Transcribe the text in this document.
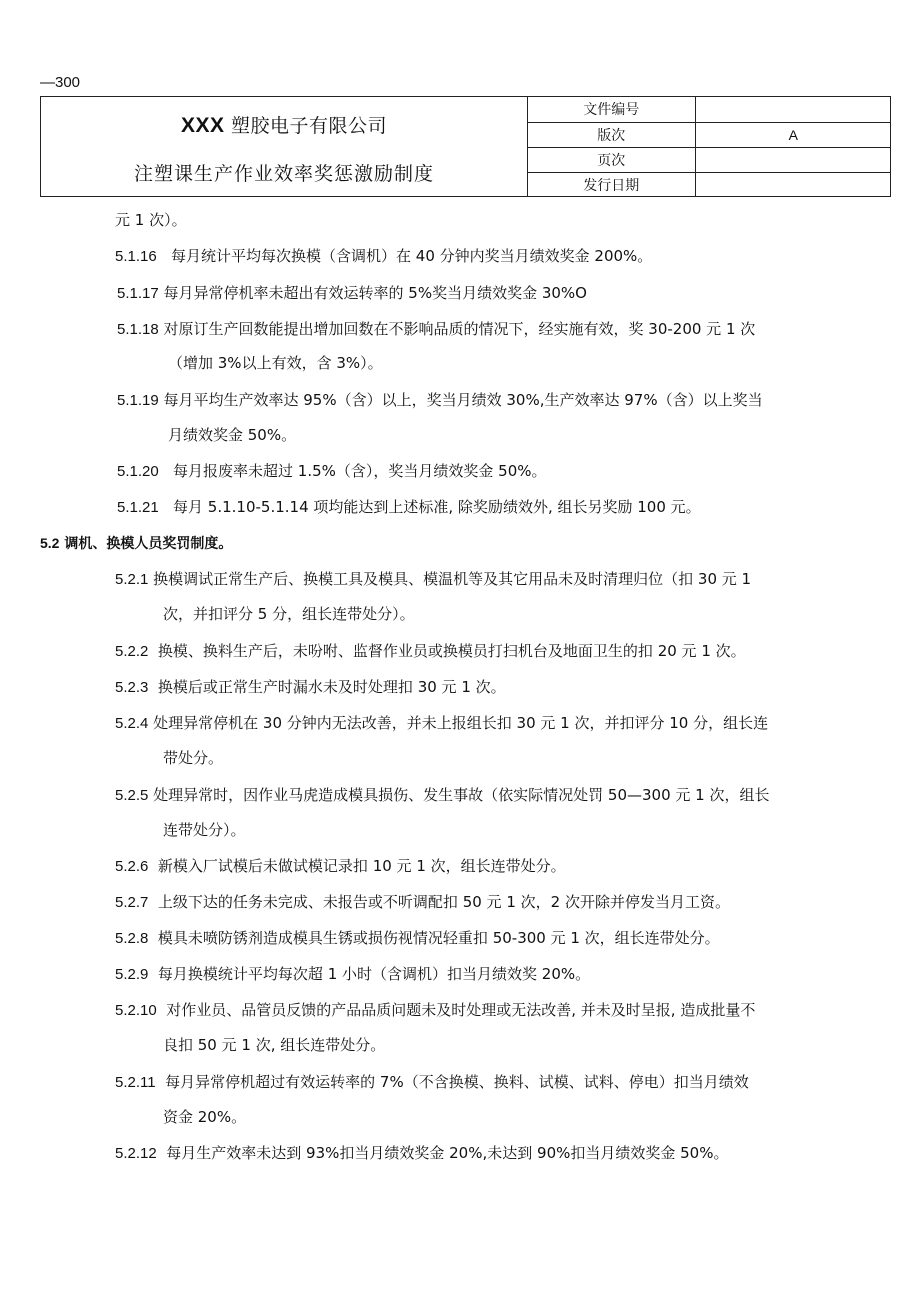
—300
XXX 塑胶电子有限公司
注塑课生产作业效率奖惩激励制度
文件编号	
版次	A
页次	
发行日期	
元 1 次）。
5.1.16 每月统计平均每次换模（含调机）在 40 分钟内奖当月绩效奖金 200%。
5.1.17 每月异常停机率未超出有效运转率的 5%奖当月绩效奖金 30%O
5.1.18 对原订生产回数能提出增加回数在不影响品质的情况下，经实施有效，奖 30-200 元 1 次
（增加 3%以上有效，含 3%）。
5.1.19 每月平均生产效率达 95%（含）以上，奖当月绩效 30%,生产效率达 97%（含）以上奖当
月绩效奖金 50%。
5.1.20 每月报废率未超过 1.5%（含），奖当月绩效奖金 50%。
5.1.21 每月 5.1.10-5.1.14 项均能达到上述标准, 除奖励绩效外, 组长另奖励 100 元。
5.2 调机、换模人员奖罚制度。
5.2.1 换模调试正常生产后、换模工具及模具、模温机等及其它用品未及时清理归位（扣 30 元 1
次，并扣评分 5 分，组长连带处分）。
5.2.2 换模、换料生产后，未吩咐、监督作业员或换模员打扫机台及地面卫生的扣 20 元 1 次。
5.2.3 换模后或正常生产时漏水未及时处理扣 30 元 1 次。
5.2.4 处理异常停机在 30 分钟内无法改善，并未上报组长扣 30 元 1 次，并扣评分 10 分，组长连
带处分。
5.2.5 处理异常时，因作业马虎造成模具损伤、发生事故（依实际情况处罚 50—300 元 1 次，组长
连带处分）。
5.2.6 新模入厂试模后未做试模记录扣 10 元 1 次，组长连带处分。
5.2.7 上级下达的任务未完成、未报告或不听调配扣 50 元 1 次，2 次开除并停发当月工资。
5.2.8 模具未喷防锈剂造成模具生锈或损伤视情况轻重扣 50-300 元 1 次，组长连带处分。
5.2.9 每月换模统计平均每次超 1 小时（含调机）扣当月绩效奖 20%。
5.2.10 对作业员、品管员反馈的产品品质问题未及时处理或无法改善, 并未及时呈报, 造成批量不
良扣 50 元 1 次, 组长连带处分。
5.2.11 每月异常停机超过有效运转率的 7%（不含换模、换料、试模、试料、停电）扣当月绩效
资金 20%。
5.2.12 每月生产效率未达到 93%扣当月绩效奖金 20%,未达到 90%扣当月绩效奖金 50%。
